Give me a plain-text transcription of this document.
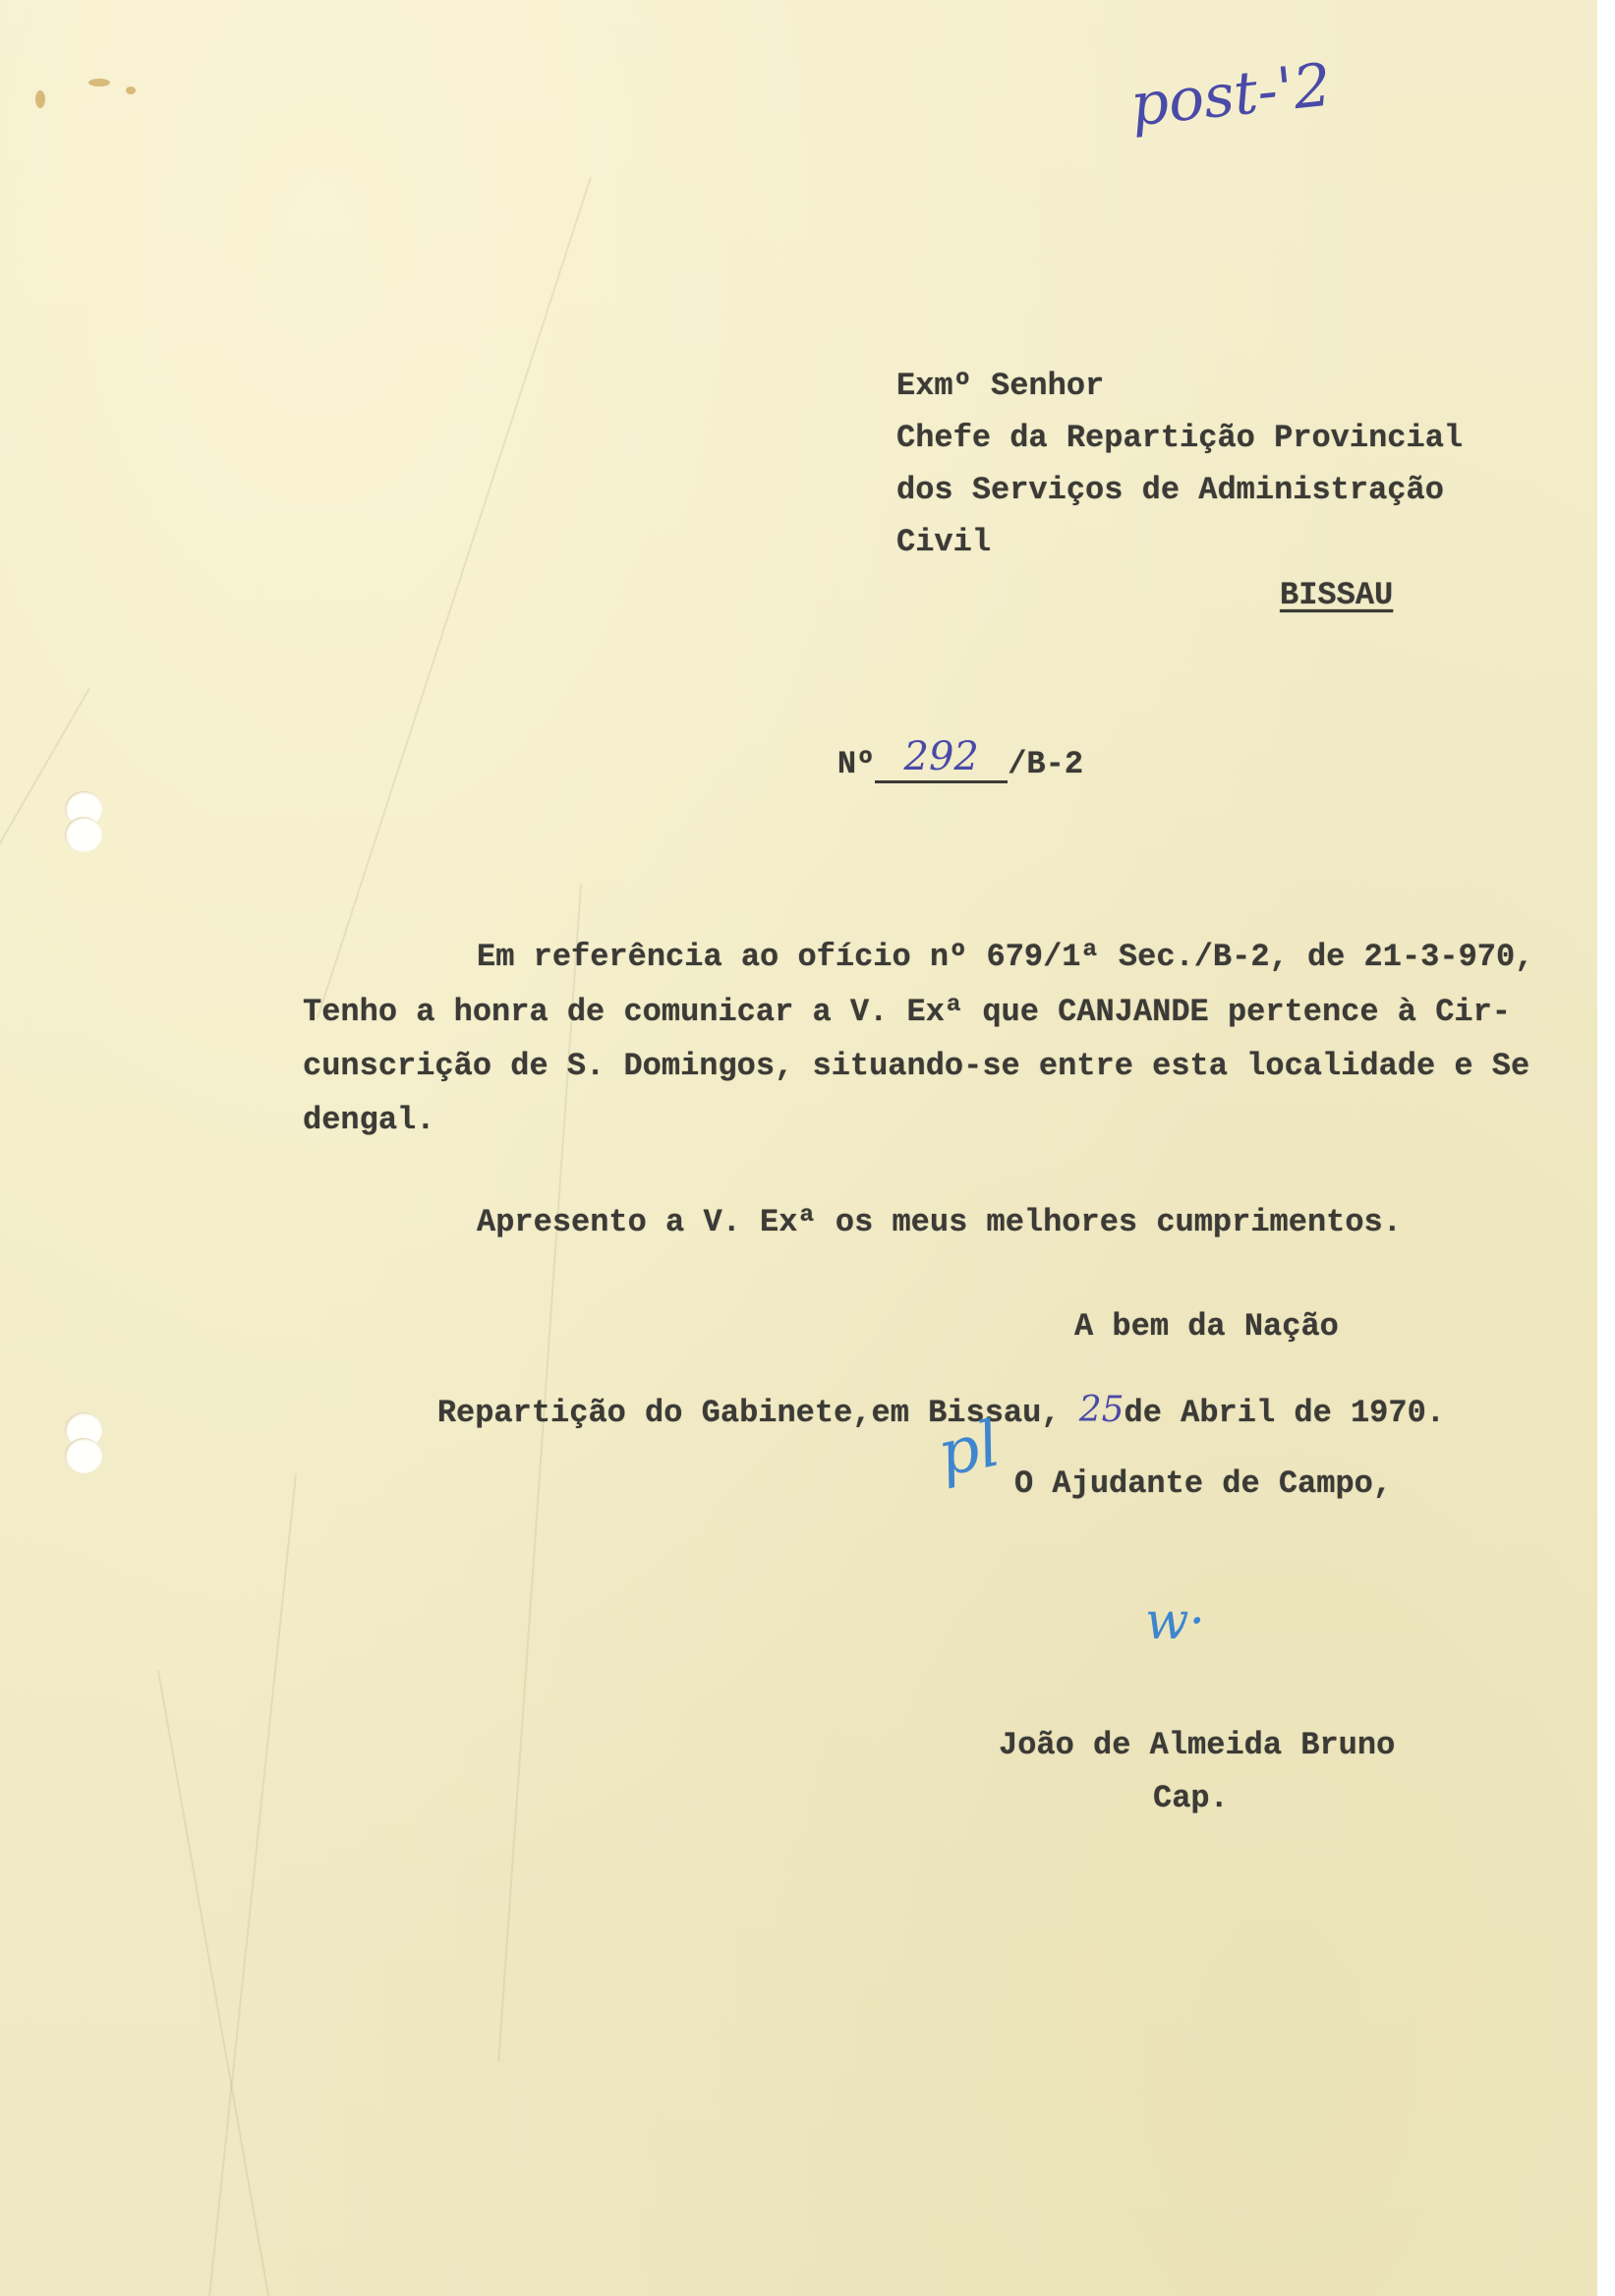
post-'2
Exmº Senhor
Chefe da Repartição Provincial
dos Serviços de Administração
Civil
BISSAU

Nº 292 /B-2

Em referência ao ofício nº 679/1ª Sec./B-2, de 21-3-970,
Tenho a honra de comunicar a V. Exª que CANJANDE pertence à Cir-
cunscrição de S. Domingos, situando-se entre esta localidade e Se
dengal.
Apresento a V. Exª os meus melhores cumprimentos.
A bem da Nação

Repartição do Gabinete,em Bissau, 25de Abril de 1970.

pl O Ajudante de Campo,
w·
João de Almeida Bruno
Cap.
